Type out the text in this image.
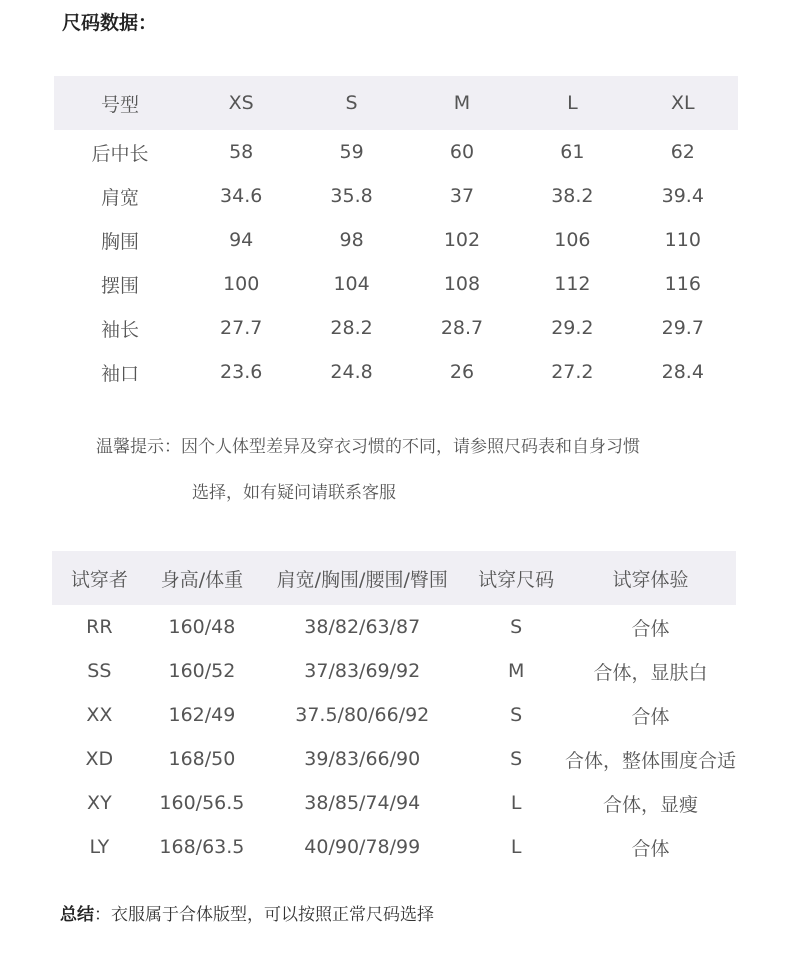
尺码数据：
号型	XS	S	M	L	XL
后中长	58	59	60	61	62
肩宽	34.6	35.8	37	38.2	39.4
胸围	94	98	102	106	110
摆围	100	104	108	112	116
袖长	27.7	28.2	28.7	29.2	29.7
袖口	23.6	24.8	26	27.2	28.4
温馨提示：因个人体型差异及穿衣习惯的不同，请参照尺码表和自身习惯
选择，如有疑问请联系客服
试穿者	身高/体重	肩宽/胸围/腰围/臀围	试穿尺码	试穿体验
RR	160/48	38/82/63/87	S	合体
SS	160/52	37/83/69/92	M	合体，显肤白
XX	162/49	37.5/80/66/92	S	合体
XD	168/50	39/83/66/90	S	合体，整体围度合适
XY	160/56.5	38/85/74/94	L	合体，显瘦
LY	168/63.5	40/90/78/99	L	合体
总结：衣服属于合体版型，可以按照正常尺码选择
